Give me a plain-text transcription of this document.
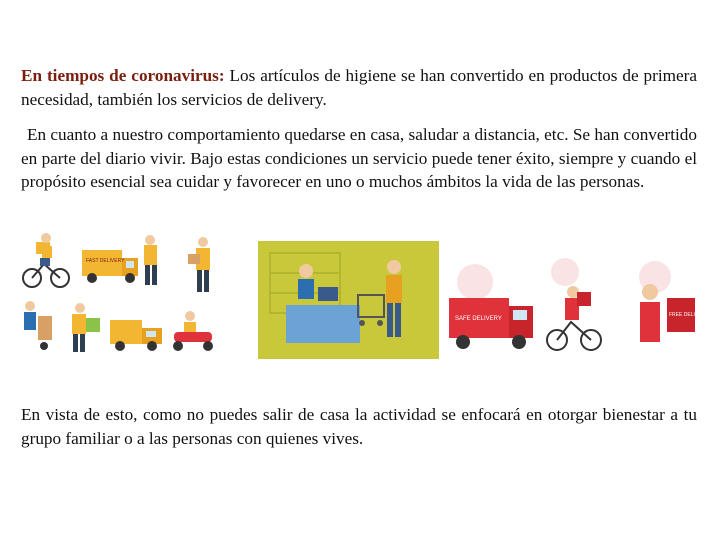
En tiempos de coronavirus: Los artículos de higiene se han convertido en productos de primera necesidad, también los servicios de delivery.

En cuanto a nuestro comportamiento quedarse en casa, saludar a distancia, etc. Se han convertido en parte del diario vivir. Bajo estas condiciones un servicio puede tener éxito, siempre y cuando el propósito esencial sea cuidar y favorecer en uno o muchos ámbitos la vida de las personas.

FAST DELIVERY
SAFE DELIVERY
FREE DELIVERY

En vista de esto, como no puedes salir de casa la actividad se enfocará en otorgar bienestar a tu grupo familiar o a las personas con quienes vives.
